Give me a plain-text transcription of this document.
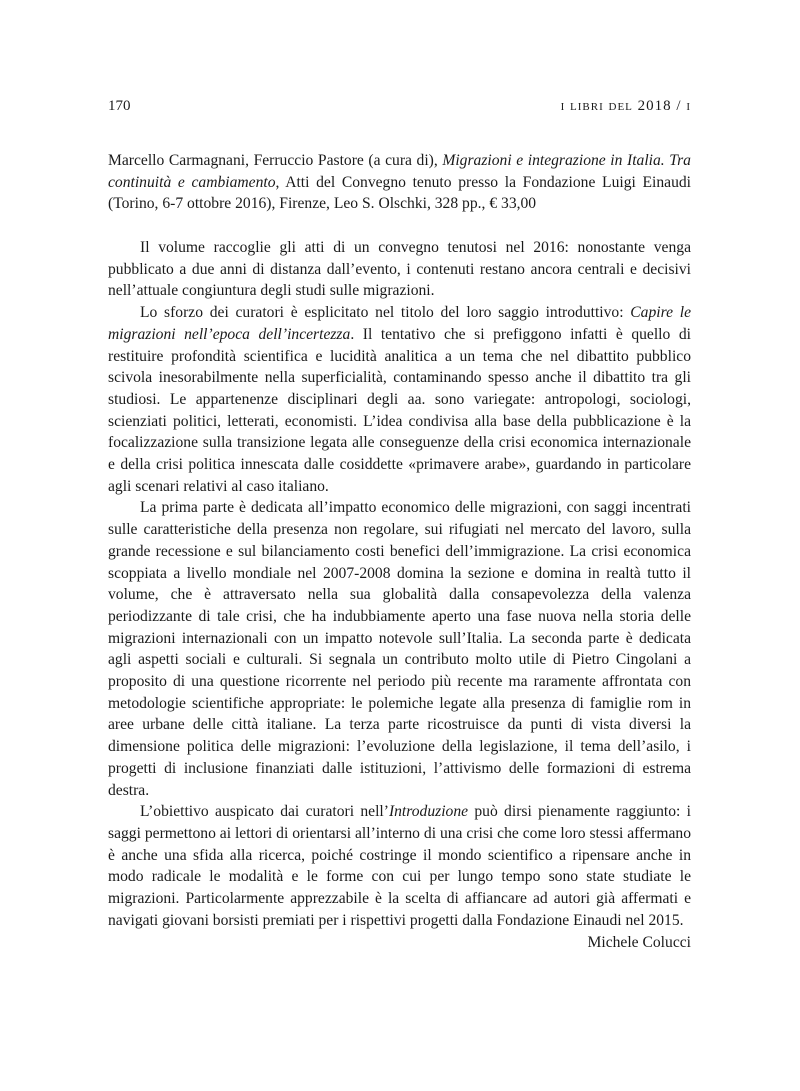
170	i libri del 2018 / i
Marcello Carmagnani, Ferruccio Pastore (a cura di), Migrazioni e integrazione in Italia. Tra continuità e cambiamento, Atti del Convegno tenuto presso la Fondazione Luigi Einaudi (Torino, 6-7 ottobre 2016), Firenze, Leo S. Olschki, 328 pp., € 33,00

Il volume raccoglie gli atti di un convegno tenutosi nel 2016: nonostante venga pubblicato a due anni di distanza dall’evento, i contenuti restano ancora centrali e decisivi nell’attuale congiuntura degli studi sulle migrazioni.

Lo sforzo dei curatori è esplicitato nel titolo del loro saggio introduttivo: Capire le migrazioni nell’epoca dell’incertezza. Il tentativo che si prefiggono infatti è quello di restituire profondità scientifica e lucidità analitica a un tema che nel dibattito pubblico scivola inesorabilmente nella superficialità, contaminando spesso anche il dibattito tra gli studiosi. Le appartenenze disciplinari degli aa. sono variegate: antropologi, sociologi, scienziati politici, letterati, economisti. L’idea condivisa alla base della pubblicazione è la focalizzazione sulla transizione legata alle conseguenze della crisi economica internazionale e della crisi politica innescata dalle cosiddette «primavere arabe», guardando in particolare agli scenari relativi al caso italiano.

La prima parte è dedicata all’impatto economico delle migrazioni, con saggi incentrati sulle caratteristiche della presenza non regolare, sui rifugiati nel mercato del lavoro, sulla grande recessione e sul bilanciamento costi benefici dell’immigrazione. La crisi economica scoppiata a livello mondiale nel 2007-2008 domina la sezione e domina in realtà tutto il volume, che è attraversato nella sua globalità dalla consapevolezza della valenza periodizzante di tale crisi, che ha indubbiamente aperto una fase nuova nella storia delle migrazioni internazionali con un impatto notevole sull’Italia. La seconda parte è dedicata agli aspetti sociali e culturali. Si segnala un contributo molto utile di Pietro Cingolani a proposito di una questione ricorrente nel periodo più recente ma raramente affrontata con metodologie scientifiche appropriate: le polemiche legate alla presenza di famiglie rom in aree urbane delle città italiane. La terza parte ricostruisce da punti di vista diversi la dimensione politica delle migrazioni: l’evoluzione della legislazione, il tema dell’asilo, i progetti di inclusione finanziati dalle istituzioni, l’attivismo delle formazioni di estrema destra.

L’obiettivo auspicato dai curatori nell’Introduzione può dirsi pienamente raggiunto: i saggi permettono ai lettori di orientarsi all’interno di una crisi che come loro stessi affermano è anche una sfida alla ricerca, poiché costringe il mondo scientifico a ripensare anche in modo radicale le modalità e le forme con cui per lungo tempo sono state studiate le migrazioni. Particolarmente apprezzabile è la scelta di affiancare ad autori già affermati e navigati giovani borsisti premiati per i rispettivi progetti dalla Fondazione Einaudi nel 2015.

Michele Colucci
